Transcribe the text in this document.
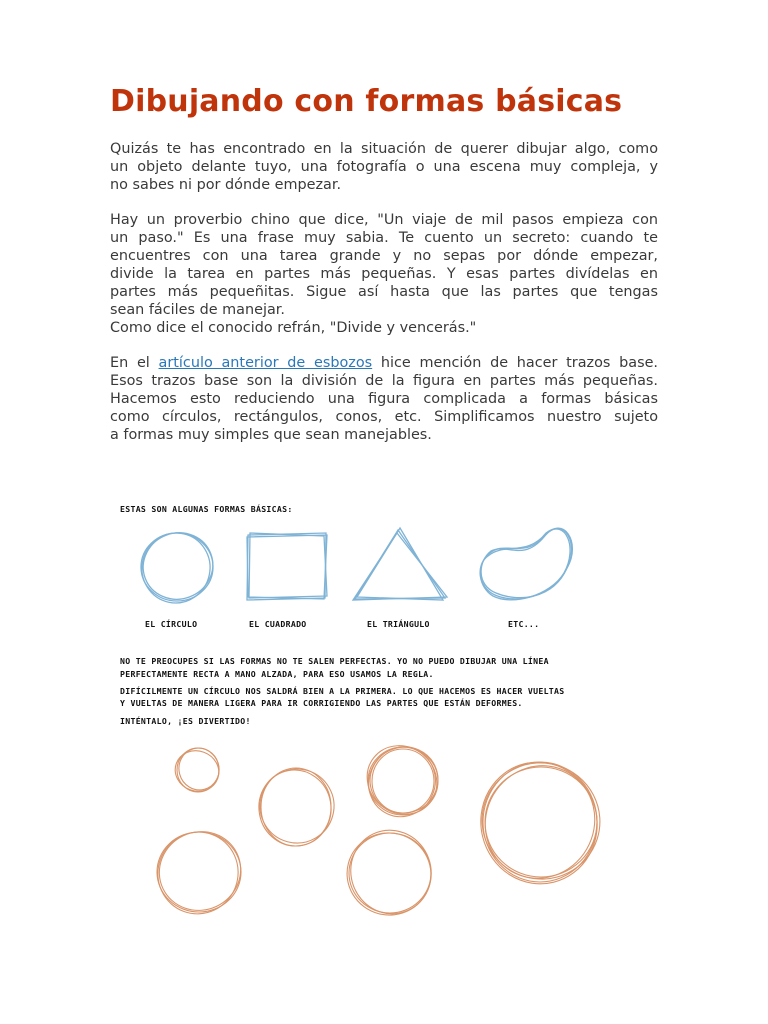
Dibujando con formas básicas

Quizás te has encontrado en la situación de querer dibujar algo, como
un objeto delante tuyo, una fotografía o una escena muy compleja, y
no sabes ni por dónde empezar.

Hay un proverbio chino que dice, "Un viaje de mil pasos empieza con
un paso." Es una frase muy sabia. Te cuento un secreto: cuando te
encuentres con una tarea grande y no sepas por dónde empezar,
divide la tarea en partes más pequeñas. Y esas partes divídelas en
partes más pequeñitas. Sigue así hasta que las partes que tengas
sean fáciles de manejar.
Como dice el conocido refrán, "Divide y vencerás."

En el artículo anterior de esbozos hice mención de hacer trazos base.
Esos trazos base son la división de la figura en partes más pequeñas.
Hacemos esto reduciendo una figura complicada a formas básicas
como círculos, rectángulos, conos, etc. Simplificamos nuestro sujeto
a formas muy simples que sean manejables.

ESTAS SON ALGUNAS FORMAS BÁSICAS:
EL CÍRCULO	EL CUADRADO	EL TRIÁNGULO	ETC...
NO TE PREOCUPES SI LAS FORMAS NO TE SALEN PERFECTAS. YO NO PUEDO DIBUJAR UNA LÍNEA
PERFECTAMENTE RECTA A MANO ALZADA, PARA ESO USAMOS LA REGLA.
DIFÍCILMENTE UN CÍRCULO NOS SALDRÁ BIEN A LA PRIMERA. LO QUE HACEMOS ES HACER VUELTAS
Y VUELTAS DE MANERA LIGERA PARA IR CORRIGIENDO LAS PARTES QUE ESTÁN DEFORMES.
INTÉNTALO, ¡ES DIVERTIDO!
